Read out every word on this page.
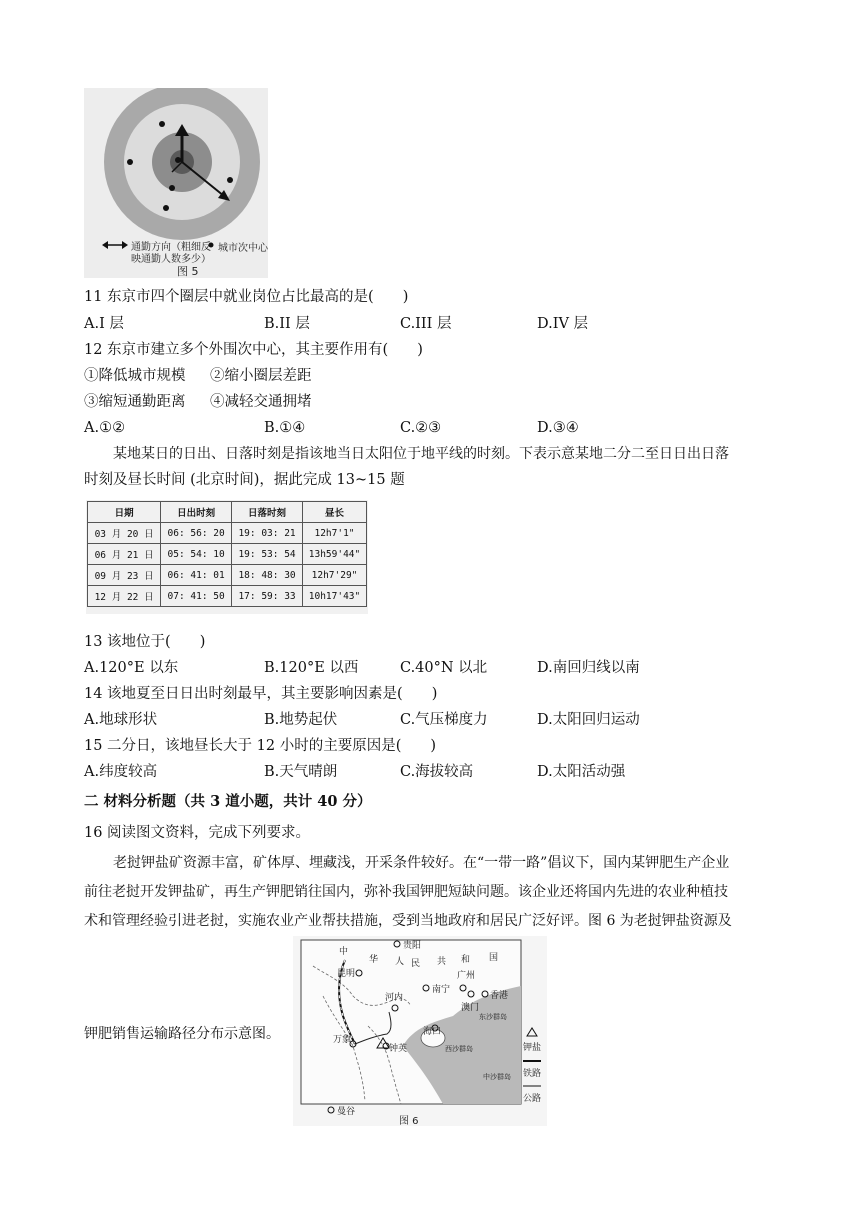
通勤方向（粗细反
映通勤人数多少）
城市次中心
图 5
11 东京市四个圈层中就业岗位占比最高的是(　　)
A.I 层	B.II 层	C.III 层	D.IV 层
12 东京市建立多个外围次中心，其主要作用有(　　)
①降低城市规模 ②缩小圈层差距
③缩短通勤距离 ④减轻交通拥堵
A.①②	B.①④	C.②③	D.③④
某地某日的日出、日落时刻是指该地当日太阳位于地平线的时刻。下表示意某地二分二至日日出日落
时刻及昼长时间 (北京时间)，据此完成 13~15 题
日期	日出时刻	日落时刻	昼长
03 月 20 日	06: 56: 20	19: 03: 21	12h7'1"
06 月 21 日	05: 54: 10	19: 53: 54	13h59'44"
09 月 23 日	06: 41: 01	18: 48: 30	12h7'29"
12 月 22 日	07: 41: 50	17: 59: 33	10h17'43"
13 该地位于(　　)
A.120°E 以东	B.120°E 以西	C.40°N 以北	D.南回归线以南
14 该地夏至日日出时刻最早，其主要影响因素是(　　)
A.地球形状	B.地势起伏	C.气压梯度力	D.太阳回归运动
15 二分日，该地昼长大于 12 小时的主要原因是(　　)
A.纬度较高	B.天气晴朗	C.海拔较高	D.太阳活动强
二 材料分析题（共 3 道小题，共计 40 分）
16 阅读图文资料，完成下列要求。
老挝钾盐矿资源丰富，矿体厚、埋藏浅，开采条件较好。在“一带一路”倡议下，国内某钾肥生产企业
前往老挝开发钾盐矿，再生产钾肥销往国内，弥补我国钾肥短缺问题。该企业还将国内先进的农业种植技
术和管理经验引进老挝，实施农业产业帮扶措施，受到当地政府和居民广泛好评。图 6 为老挝钾盐资源及
钾肥销售运输路径分布示意图。
贵阳
中
华 人 民 共 和 国
昆明
南宁
广州
香港
澳门
河内
海口
东沙群岛
万象
钟英	西沙群岛
中沙群岛
曼谷
钾盐
铁路
公路
图 6
